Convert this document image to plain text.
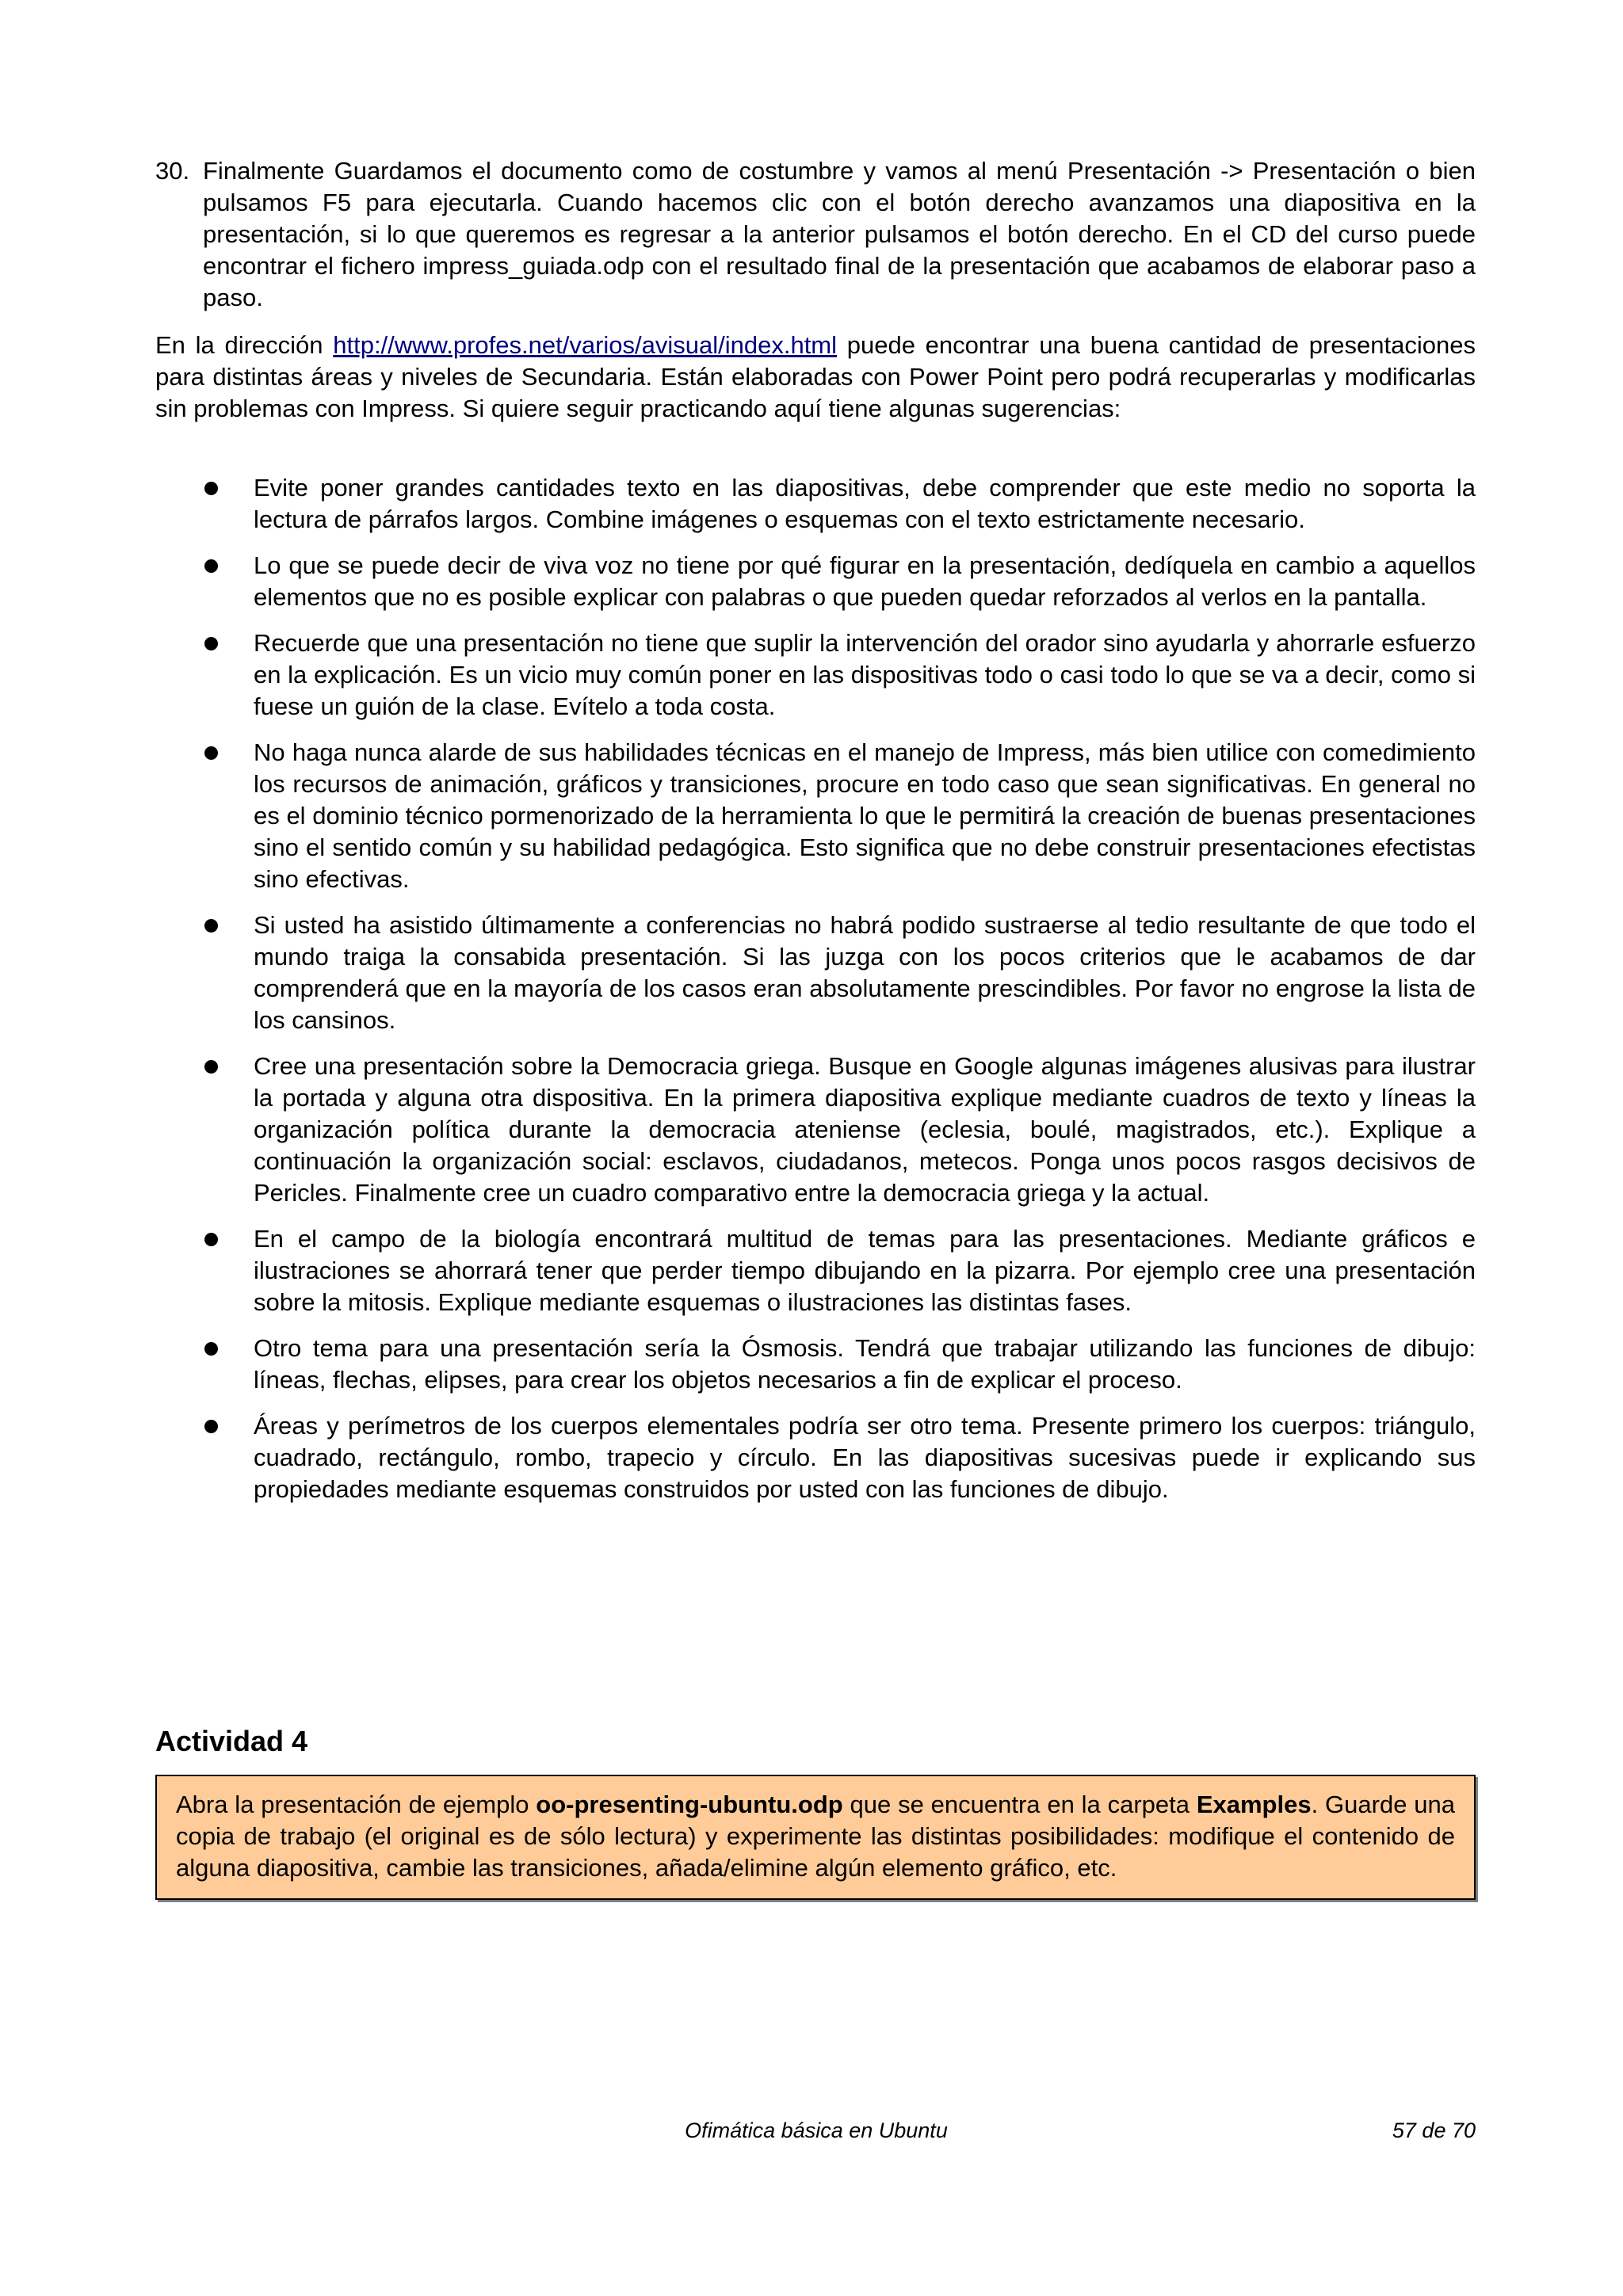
30. Finalmente Guardamos el documento como de costumbre y vamos al menú Presentación -> Presentación o bien pulsamos F5 para ejecutarla. Cuando hacemos clic con el botón derecho avanzamos una diapositiva en la presentación, si lo que queremos es regresar a la anterior pulsamos el botón derecho. En el CD del curso puede encontrar el fichero impress_guiada.odp con el resultado final de la presentación que acabamos de elaborar paso a paso.
En la dirección http://www.profes.net/varios/avisual/index.html puede encontrar una buena cantidad de presentaciones para distintas áreas y niveles de Secundaria. Están elaboradas con Power Point pero podrá recuperarlas y modificarlas sin problemas con Impress. Si quiere seguir practicando aquí tiene algunas sugerencias:
Evite poner grandes cantidades texto en las diapositivas, debe comprender que este medio no soporta la lectura de párrafos largos. Combine imágenes o esquemas con el texto estrictamente necesario.
Lo que se puede decir de viva voz no tiene por qué figurar en la presentación, dedíquela en cambio a aquellos elementos que no es posible explicar con palabras o que pueden quedar reforzados al verlos en la pantalla.
Recuerde que una presentación no tiene que suplir la intervención del orador sino ayudarla y ahorrarle esfuerzo en la explicación. Es un vicio muy común poner en las dispositivas todo o casi todo lo que se va a decir, como si fuese un guión de la clase. Evítelo a toda costa.
No haga nunca alarde de sus habilidades técnicas en el manejo de Impress, más bien utilice con comedimiento los recursos de animación, gráficos y transiciones, procure en todo caso que sean significativas. En general no es el dominio técnico pormenorizado de la herramienta lo que le permitirá la creación de buenas presentaciones sino el sentido común y su habilidad pedagógica. Esto significa que no debe construir presentaciones efectistas sino efectivas.
Si usted ha asistido últimamente a conferencias no habrá podido sustraerse al tedio resultante de que todo el mundo traiga la consabida presentación. Si las juzga con los pocos criterios que le acabamos de dar comprenderá que en la mayoría de los casos eran absolutamente prescindibles. Por favor no engrose la lista de los cansinos.
Cree una presentación sobre la Democracia griega. Busque en Google algunas imágenes alusivas para ilustrar la portada y alguna otra dispositiva. En la primera diapositiva explique mediante cuadros de texto y líneas la organización política durante la democracia ateniense (eclesia, boulé, magistrados, etc.). Explique a continuación la organización social: esclavos, ciudadanos, metecos. Ponga unos pocos rasgos decisivos de Pericles. Finalmente cree un cuadro comparativo entre la democracia griega y la actual.
En el campo de la biología encontrará multitud de temas para las presentaciones. Mediante gráficos e ilustraciones se ahorrará tener que perder tiempo dibujando en la pizarra. Por ejemplo cree una presentación sobre la mitosis. Explique mediante esquemas o ilustraciones las distintas fases.
Otro tema para una presentación sería la Ósmosis. Tendrá que trabajar utilizando las funciones de dibujo: líneas, flechas, elipses, para crear los objetos necesarios a fin de explicar el proceso.
Áreas y perímetros de los cuerpos elementales podría ser otro tema. Presente primero los cuerpos: triángulo, cuadrado, rectángulo, rombo, trapecio y círculo. En las diapositivas sucesivas puede ir explicando sus propiedades mediante esquemas construidos por usted con las funciones de dibujo.
Actividad 4
Abra la presentación de ejemplo oo-presenting-ubuntu.odp que se encuentra en la carpeta Examples. Guarde una copia de trabajo (el original es de sólo lectura) y experimente las distintas posibilidades: modifique el contenido de alguna diapositiva, cambie las transiciones, añada/elimine algún elemento gráfico, etc.
Ofimática básica en Ubuntu	57 de 70
